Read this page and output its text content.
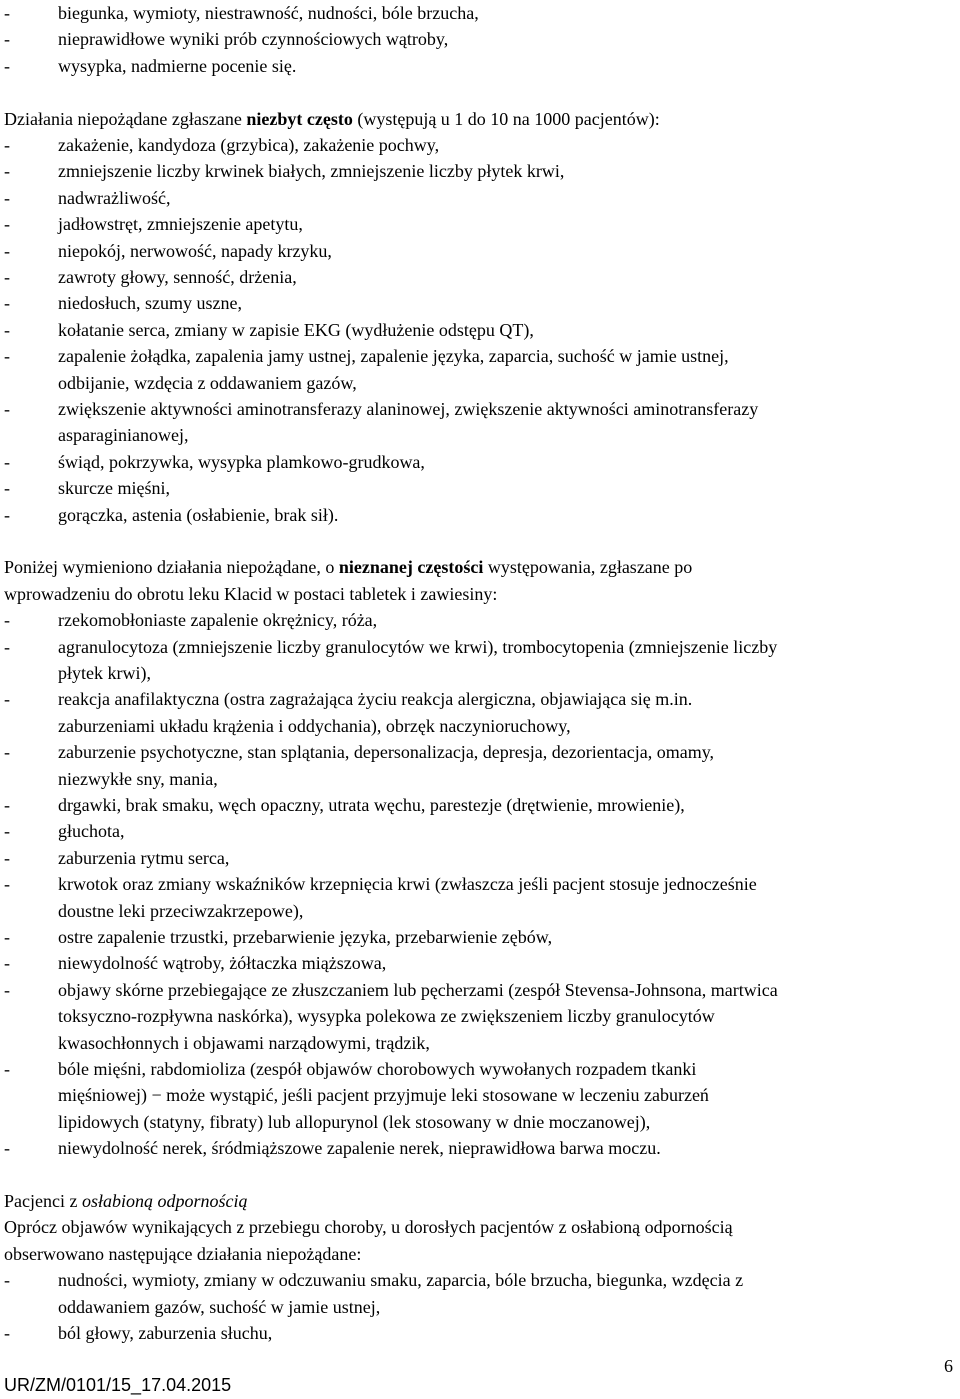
-	biegunka, wymioty, niestrawność, nudności, bóle brzucha,
-	nieprawidłowe wyniki prób czynnościowych wątroby,
-	wysypka, nadmierne pocenie się.
Działania niepożądane zgłaszane niezbyt często (występują u 1 do 10 na 1000 pacjentów):
-	zakażenie, kandydoza (grzybica), zakażenie pochwy,
-	zmniejszenie liczby krwinek białych, zmniejszenie liczby płytek krwi,
-	nadwrażliwość,
-	jadłowstręt, zmniejszenie apetytu,
-	niepokój, nerwowość, napady krzyku,
-	zawroty głowy, senność, drżenia,
-	niedosłuch, szumy uszne,
-	kołatanie serca, zmiany w zapisie EKG (wydłużenie odstępu QT),
-	zapalenie żołądka, zapalenia jamy ustnej, zapalenie języka, zaparcia, suchość w jamie ustnej,
odbijanie, wzdęcia z oddawaniem gazów,
-	zwiększenie aktywności aminotransferazy alaninowej, zwiększenie aktywności aminotransferazy
asparaginianowej,
-	świąd, pokrzywka, wysypka plamkowo-grudkowa,
-	skurcze mięśni,
-	gorączka, astenia (osłabienie, brak sił).
Poniżej wymieniono działania niepożądane, o nieznanej częstości występowania, zgłaszane po
wprowadzeniu do obrotu leku Klacid w postaci tabletek i zawiesiny:
-	rzekomobłoniaste zapalenie okrężnicy, róża,
-	agranulocytoza (zmniejszenie liczby granulocytów we krwi), trombocytopenia (zmniejszenie liczby
płytek krwi),
-	reakcja anafilaktyczna (ostra zagrażająca życiu reakcja alergiczna, objawiająca się m.in.
zaburzeniami układu krążenia i oddychania), obrzęk naczynioruchowy,
-	zaburzenie psychotyczne, stan splątania, depersonalizacja, depresja, dezorientacja, omamy,
niezwykłe sny, mania,
-	drgawki, brak smaku, węch opaczny, utrata węchu, parestezje (drętwienie, mrowienie),
-	głuchota,
-	zaburzenia rytmu serca,
-	krwotok oraz zmiany wskaźników krzepnięcia krwi (zwłaszcza jeśli pacjent stosuje jednocześnie
doustne leki przeciwzakrzepowe),
-	ostre zapalenie trzustki, przebarwienie języka, przebarwienie zębów,
-	niewydolność wątroby, żółtaczka miąższowa,
-	objawy skórne przebiegające ze złuszczaniem lub pęcherzami (zespół Stevensa-Johnsona, martwica
toksyczno-rozpływna naskórka), wysypka polekowa ze zwiększeniem liczby granulocytów
kwasochłonnych i objawami narządowymi, trądzik,
-	bóle mięśni, rabdomioliza (zespół objawów chorobowych wywołanych rozpadem tkanki
mięśniowej) − może wystąpić, jeśli pacjent przyjmuje leki stosowane w leczeniu zaburzeń
lipidowych (statyny, fibraty) lub allopurynol (lek stosowany w dnie moczanowej),
-	niewydolność nerek, śródmiąższowe zapalenie nerek, nieprawidłowa barwa moczu.
Pacjenci z osłabioną odpornością
Oprócz objawów wynikających z przebiegu choroby, u dorosłych pacjentów z osłabioną odpornością
obserwowano następujące działania niepożądane:
-	nudności, wymioty, zmiany w odczuwaniu smaku, zaparcia, bóle brzucha, biegunka, wzdęcia z
oddawaniem gazów, suchość w jamie ustnej,
-	ból głowy, zaburzenia słuchu,
6
UR/ZM/0101/15_17.04.2015
